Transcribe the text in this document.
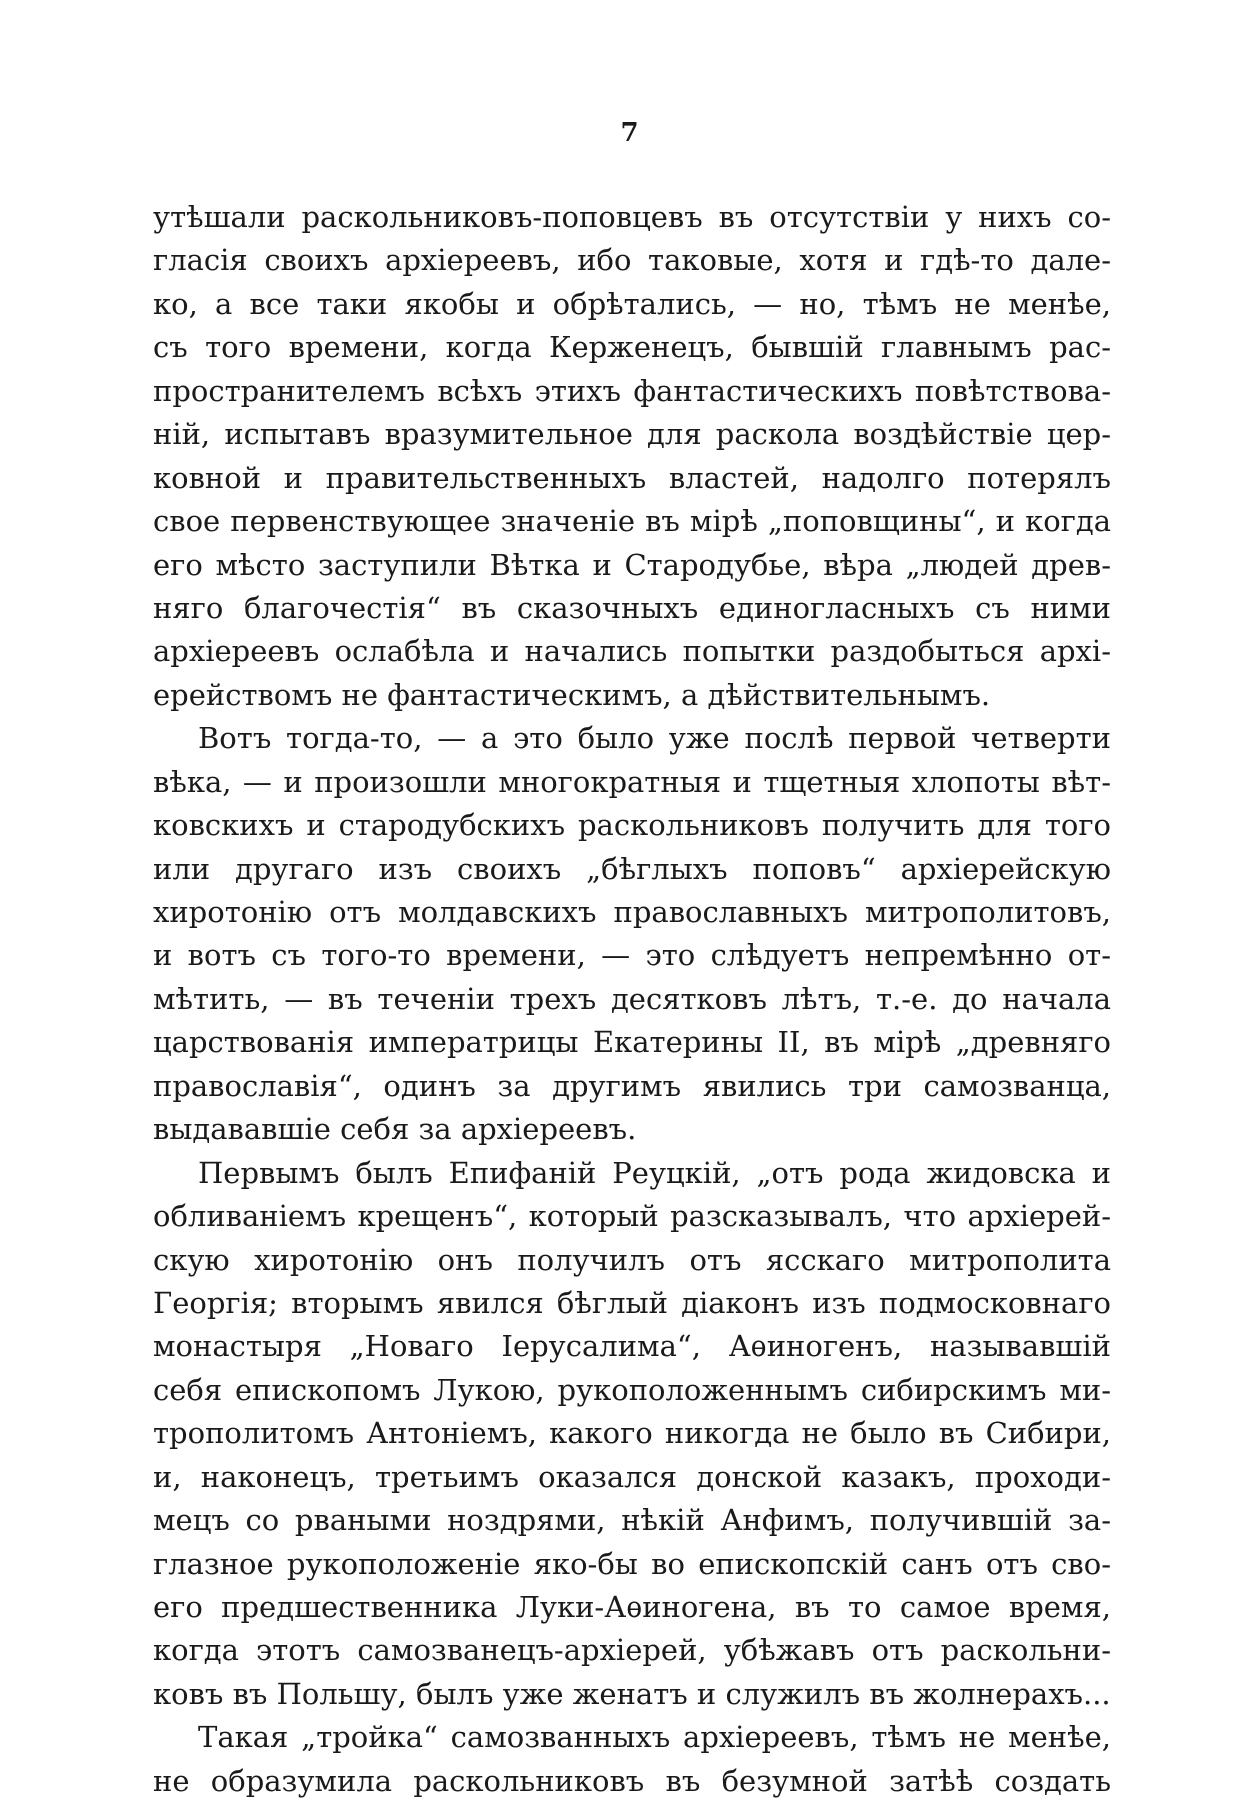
7
утѣшали раскольниковъ-поповцевъ въ отсутствіи у нихъ со-
гласія своихъ архіереевъ, ибо таковые, хотя и гдѣ-то дале-
ко, а все таки якобы и обрѣтались, — но, тѣмъ не менѣе,
съ того времени, когда Керженецъ, бывшій главнымъ рас-
пространителемъ всѣхъ этихъ фантастическихъ повѣтствова-
ній, испытавъ вразумительное для раскола воздѣйствіе цер-
ковной и правительственныхъ властей, надолго потерялъ
свое первенствующее значеніе въ мірѣ „поповщины“, и когда
его мѣсто заступили Вѣтка и Стародубье, вѣра „людей древ-
няго благочестія“ въ сказочныхъ единогласныхъ съ ними
архіереевъ ослабѣла и начались попытки раздобыться архі-
ерействомъ не фантастическимъ, а дѣйствительнымъ.
Вотъ тогда-то, — а это было уже послѣ первой четверти
вѣка, — и произошли многократныя и тщетныя хлопоты вѣт-
ковскихъ и стародубскихъ раскольниковъ получить для того
или другаго изъ своихъ „бѣглыхъ поповъ“ архіерейскую
хиротонію отъ молдавскихъ православныхъ митрополитовъ,
и вотъ съ того-то времени, — это слѣдуетъ непремѣнно от-
мѣтить, — въ теченіи трехъ десятковъ лѣтъ, т.-е. до начала
царствованія императрицы Екатерины II, въ мірѣ „древняго
православія“, одинъ за другимъ явились три самозванца,
выдававшіе себя за архіереевъ.
Первымъ былъ Епифаній Реуцкій, „отъ рода жидовска и
обливаніемъ крещенъ“, который разсказывалъ, что архіерей-
скую хиротонію онъ получилъ отъ ясскаго митрополита
Георгія; вторымъ явился бѣглый діаконъ изъ подмосковнаго
монастыря „Новаго Іерусалима“, Аѳиногенъ, называвшій
себя епископомъ Лукою, рукоположеннымъ сибирскимъ ми-
трополитомъ Антоніемъ, какого никогда не было въ Сибири,
и, наконецъ, третьимъ оказался донской казакъ, проходи-
мецъ со рваными ноздрями, нѣкій Анфимъ, получившій за-
глазное рукоположеніе яко-бы во епископскій санъ отъ сво-
его предшественника Луки-Аѳиногена, въ то самое время,
когда этотъ самозванецъ-архіерей, убѣжавъ отъ раскольни-
ковъ въ Польшу, былъ уже женатъ и служилъ въ жолнерахъ...
Такая „тройка“ самозванныхъ архіереевъ, тѣмъ не менѣе,
не образумила раскольниковъ въ безумной затѣѣ создать
